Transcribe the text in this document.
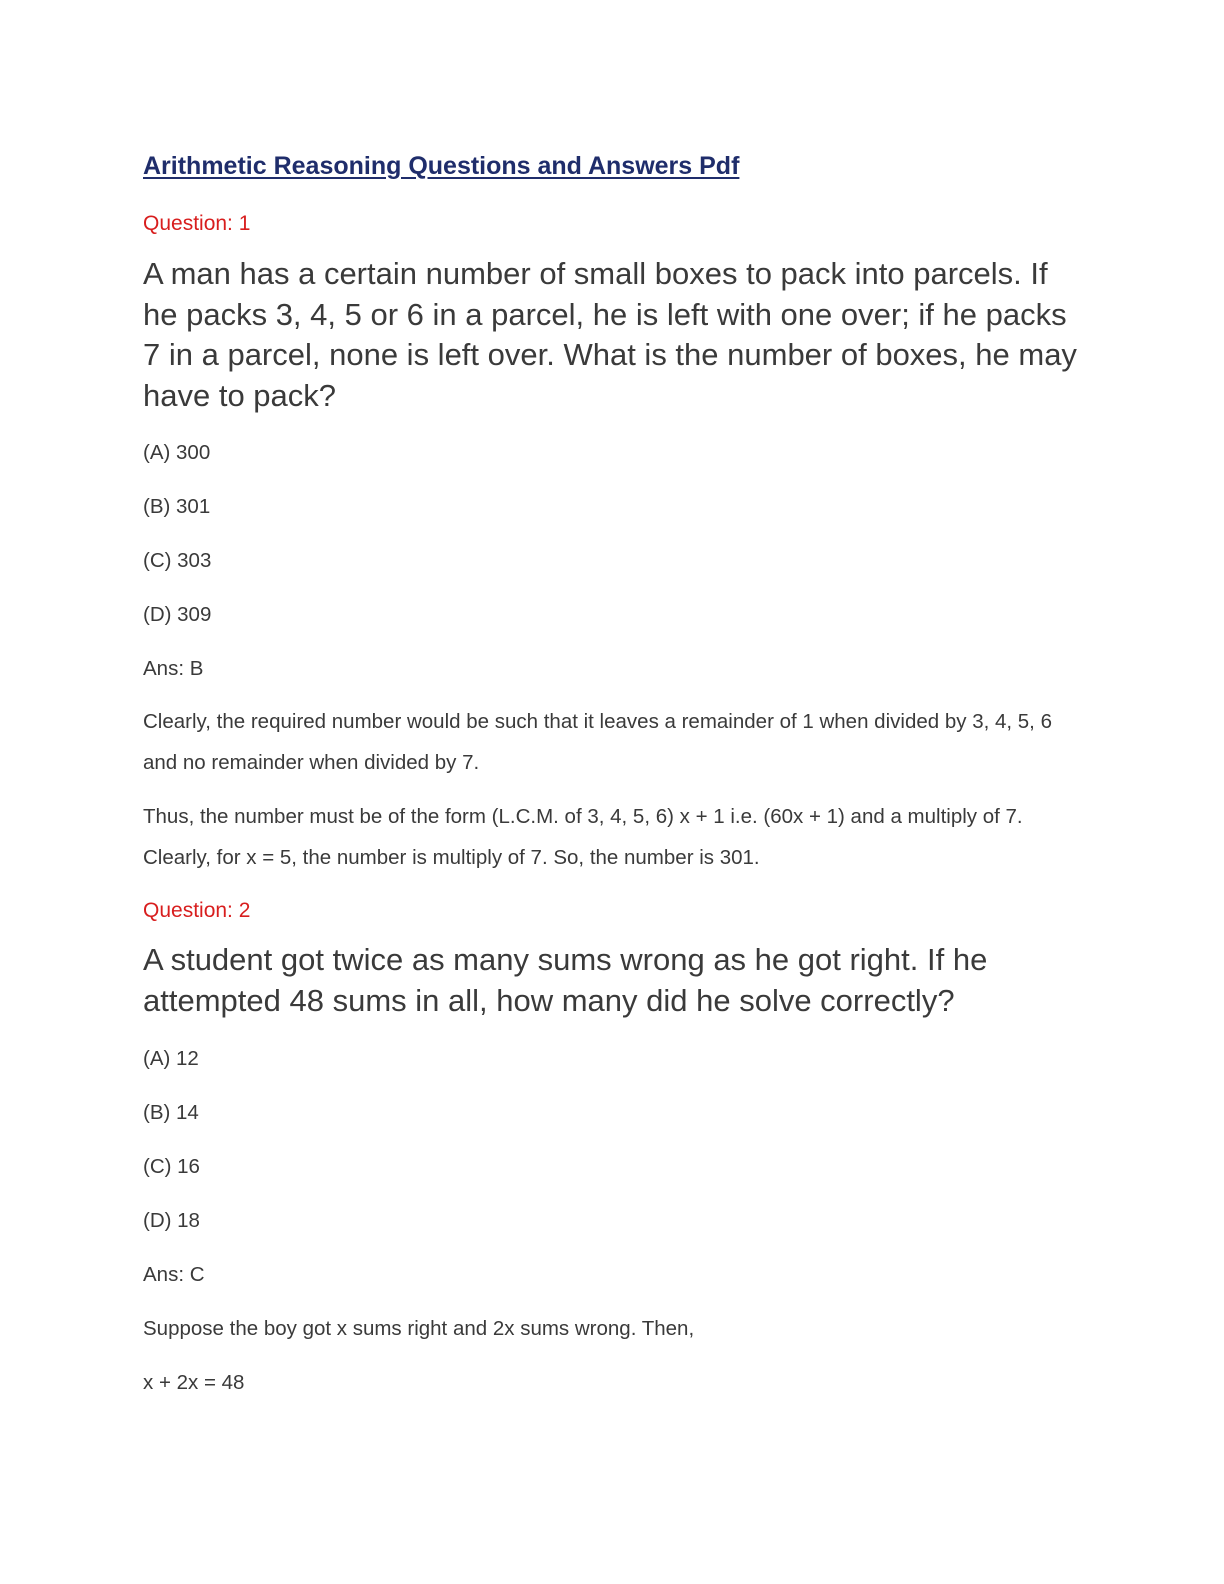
Arithmetic Reasoning Questions and Answers Pdf

Question: 1

A man has a certain number of small boxes to pack into parcels. If he packs 3, 4, 5 or 6 in a parcel, he is left with one over; if he packs 7 in a parcel, none is left over. What is the number of boxes, he may have to pack?

(A) 300

(B) 301

(C) 303

(D) 309

Ans: B

Clearly, the required number would be such that it leaves a remainder of 1 when divided by 3, 4, 5, 6 and no remainder when divided by 7.

Thus, the number must be of the form (L.C.M. of 3, 4, 5, 6) x + 1 i.e. (60x + 1) and a multiply of 7. Clearly, for x = 5, the number is multiply of 7. So, the number is 301.

Question: 2

A student got twice as many sums wrong as he got right. If he attempted 48 sums in all, how many did he solve correctly?

(A) 12

(B) 14

(C) 16

(D) 18

Ans: C

Suppose the boy got x sums right and 2x sums wrong. Then,

x + 2x = 48
